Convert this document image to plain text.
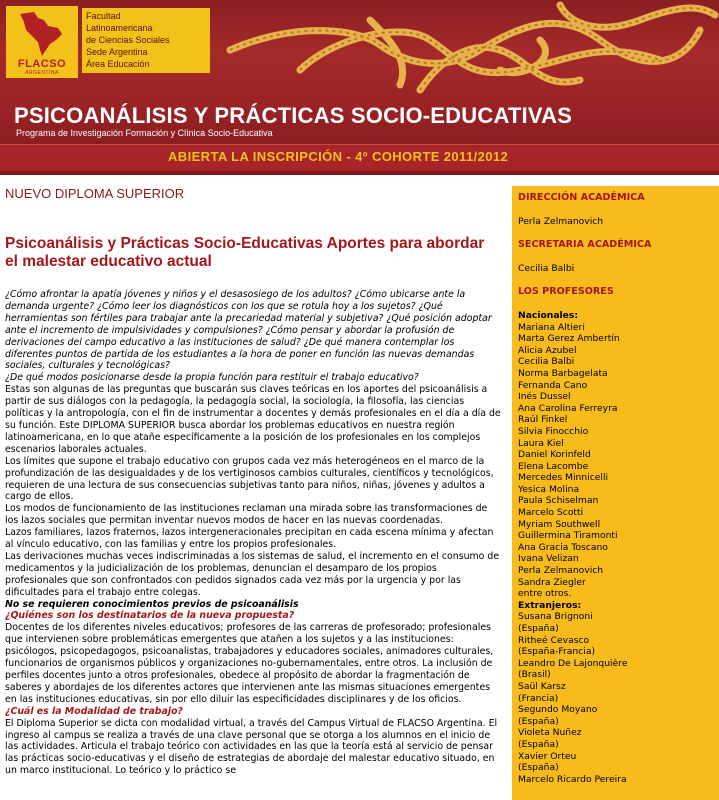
FLACSO
ARGENTINA
Facultad
Latinoamericana
de Ciencias Sociales
Sede Argentina
Área Educación
PSICOANÁLISIS Y PRÁCTICAS SOCIO-EDUCATIVAS
Programa de Investigación Formación y Clínica Socio-Educativa
ABIERTA LA INSCRIPCIÓN - 4º COHORTE 2011/2012

NUEVO DIPLOMA SUPERIOR

Psicoanálisis y Prácticas Socio-Educativas Aportes para abordar el malestar educativo actual

¿Cómo afrontar la apatía jóvenes y niños y el desasosiego de los adultos? ¿Cómo ubicarse ante la demanda urgente? ¿Cómo leer los diagnósticos con los que se rotula hoy a los sujetos? ¿Qué herramientas son fértiles para trabajar ante la precariedad material y subjetiva? ¿Qué posición adoptar ante el incremento de impulsividades y compulsiones? ¿Cómo pensar y abordar la profusión de derivaciones del campo educativo a las instituciones de salud? ¿De qué manera contemplar los diferentes puntos de partida de los estudiantes a la hora de poner en función las nuevas demandas sociales, culturales y tecnológicas?

¿De qué modos posicionarse desde la propia función para restituir el trabajo educativo?

Estas son algunas de las preguntas que buscarán sus claves teóricas en los aportes del psicoanálisis a partir de sus diálogos con la pedagogía, la pedagogía social, la sociología, la filosofía, las ciencias políticas y la antropología, con el fin de instrumentar a docentes y demás profesionales en el día a día de su función. Este DIPLOMA SUPERIOR busca abordar los problemas educativos en nuestra región latinoamericana, en lo que atañe específicamente a la posición de los profesionales en los complejos escenarios laborales actuales.

Los límites que supone el trabajo educativo con grupos cada vez más heterogéneos en el marco de la profundización de las desigualdades y de los vertiginosos cambios culturales, científicos y tecnológicos, requieren de una lectura de sus consecuencias subjetivas tanto para niños, niñas, jóvenes y adultos a cargo de ellos.

Los modos de funcionamiento de las instituciones reclaman una mirada sobre las transformaciones de los lazos sociales que permitan inventar nuevos modos de hacer en las nuevas coordenadas.

Lazos familiares, lazos fraternos, lazos intergeneracionales precipitan en cada escena mínima y afectan al vínculo educativo, con las familias y entre los propios profesionales.

Las derivaciones muchas veces indiscriminadas a los sistemas de salud, el incremento en el consumo de medicamentos y la judicialización de los problemas, denuncian el desamparo de los propios profesionales que son confrontados con pedidos signados cada vez más por la urgencia y por las dificultades para el trabajo entre colegas.

No se requieren conocimientos previos de psicoanálisis

¿Quiénes son los destinatarios de la nueva propuesta?

Docentes de los diferentes niveles educativos; profesores de las carreras de profesorado; profesionales que intervienen sobre problemáticas emergentes que atañen a los sujetos y a las instituciones: psicólogos, psicopedagogos, psicoanalistas, trabajadores y educadores sociales, animadores culturales, funcionarios de organismos públicos y organizaciones no-gubernamentales, entre otros. La inclusión de perfiles docentes junto a otros profesionales, obedece al propósito de abordar la fragmentación de saberes y abordajes de los diferentes actores que intervienen ante las mismas situaciones emergentes en las instituciones educativas, sin por ello diluir las especificidades disciplinares y de los oficios.

¿Cuál es la Modalidad de trabajo?

El Diploma Superior se dicta con modalidad virtual, a través del Campus Virtual de FLACSO Argentina. El ingreso al campus se realiza a través de una clave personal que se otorga a los alumnos en el inicio de las actividades. Articula el trabajo teórico con actividades en las que la teoría está al servicio de pensar las prácticas socio-educativas y el diseño de estrategias de abordaje del malestar educativo situado, en un marco institucional. Lo teórico y lo práctico se

DIRECCIÓN ACADÉMICA
Perla Zelmanovich
SECRETARIA ACADÉMICA
Cecilia Balbi
LOS PROFESORES
Nacionales:
Mariana Altieri
Marta Gerez Ambertín
Alicia Azubel
Cecilia Balbi
Norma Barbagelata
Fernanda Cano
Inés Dussel
Ana Carolina Ferreyra
Raúl Finkel
Silvia Finocchio
Laura Kiel
Daniel Korinfeld
Elena Lacombe
Mercedes Minnicelli
Yesica Molina
Paula Schiselman
Marcelo Scotti
Myriam Southwell
Guillermina Tiramonti
Ana Gracia Toscano
Ivana Velizan
Perla Zelmanovich
Sandra Ziegler
entre otros.
Extranjeros:
Susana Brignoni
(España)
Ritheé Cevasco
(España-Francia)
Leandro De Lajonquière
(Brasil)
Saül Karsz
(Francia)
Segundo Moyano
(España)
Violeta Nuñez
(España)
Xavier Orteu
(España)
Marcelo Ricardo Pereira
